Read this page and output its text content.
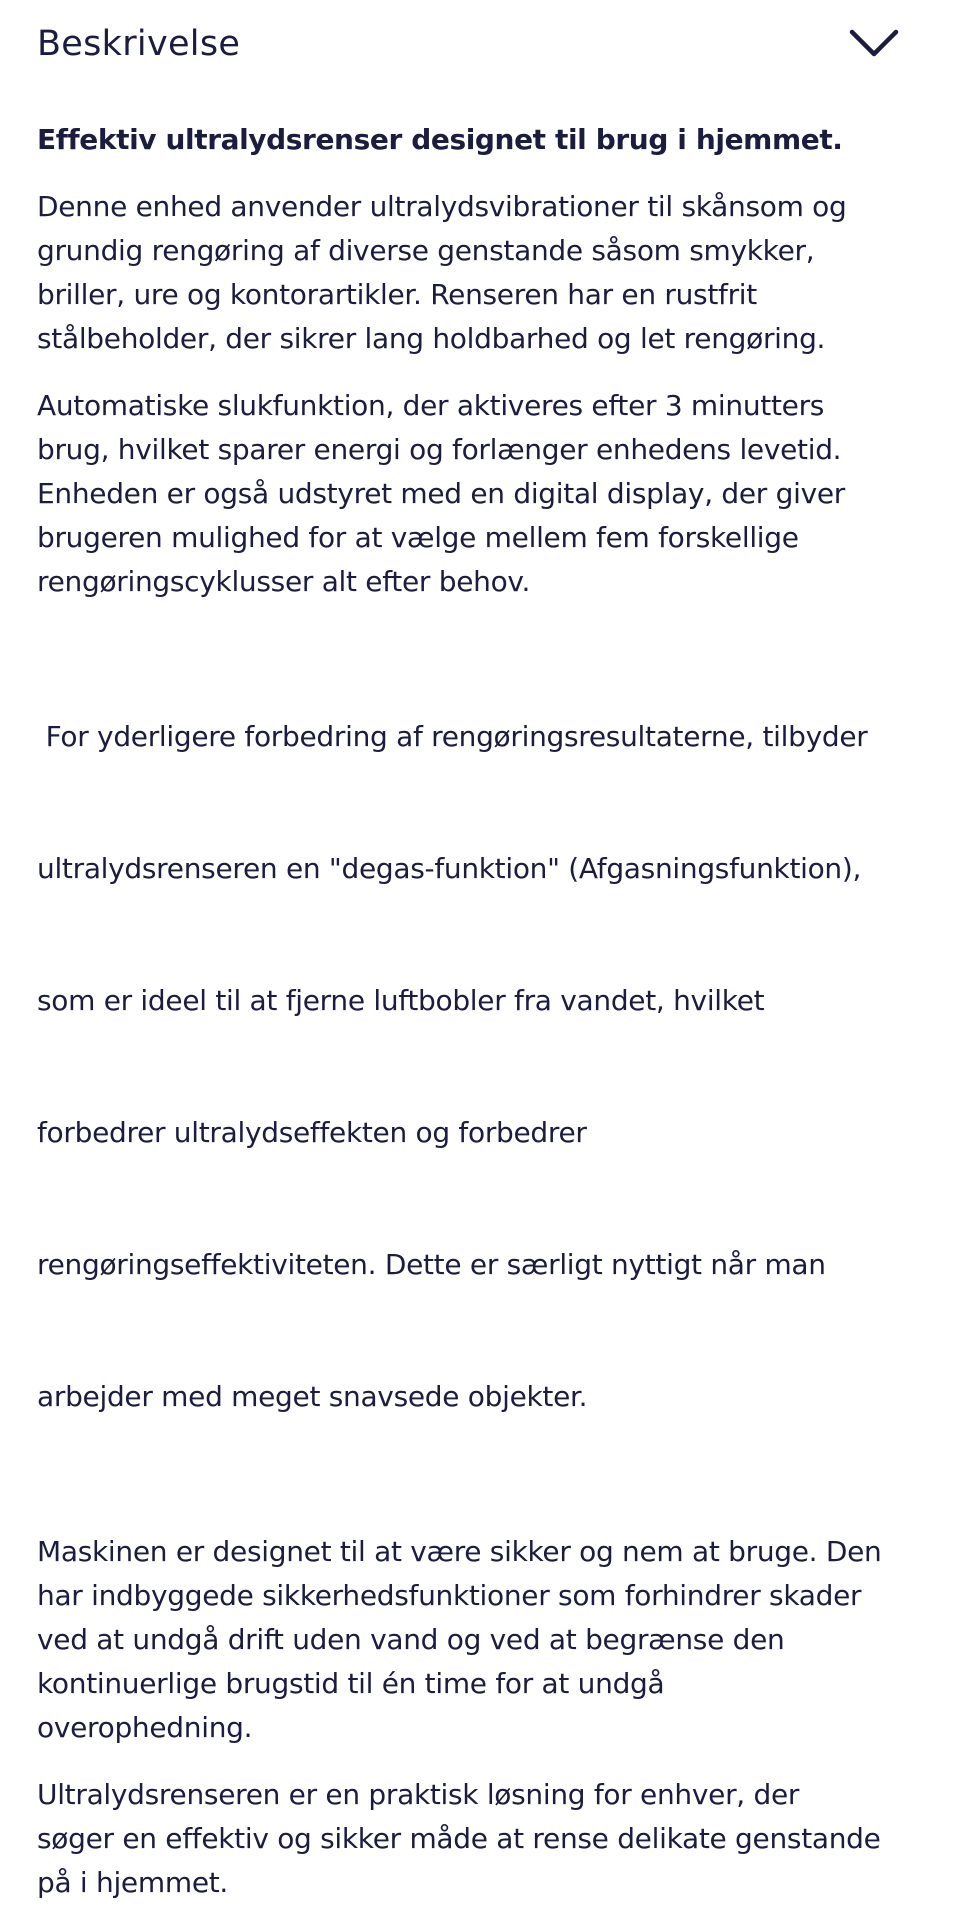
Beskrivelse

Effektiv ultralydsrenser designet til brug i hjemmet.

Denne enhed anvender ultralydsvibrationer til skånsom og
grundig rengøring af diverse genstande såsom smykker,
briller, ure og kontorartikler. Renseren har en rustfrit
stålbeholder, der sikrer lang holdbarhed og let rengøring.

Automatiske slukfunktion, der aktiveres efter 3 minutters
brug, hvilket sparer energi og forlænger enhedens levetid.
Enheden er også udstyret med en digital display, der giver
brugeren mulighed for at vælge mellem fem forskellige
rengøringscyklusser alt efter behov.

For yderligere forbedring af rengøringsresultaterne, tilbyder

ultralydsrenseren en "degas-funktion" (Afgasningsfunktion),

som er ideel til at fjerne luftbobler fra vandet, hvilket

forbedrer ultralydseffekten og forbedrer

rengøringseffektiviteten. Dette er særligt nyttigt når man

arbejder med meget snavsede objekter.

Maskinen er designet til at være sikker og nem at bruge. Den
har indbyggede sikkerhedsfunktioner som forhindrer skader
ved at undgå drift uden vand og ved at begrænse den
kontinuerlige brugstid til én time for at undgå
overophedning.

Ultralydsrenseren er en praktisk løsning for enhver, der
søger en effektiv og sikker måde at rense delikate genstande
på i hjemmet.
